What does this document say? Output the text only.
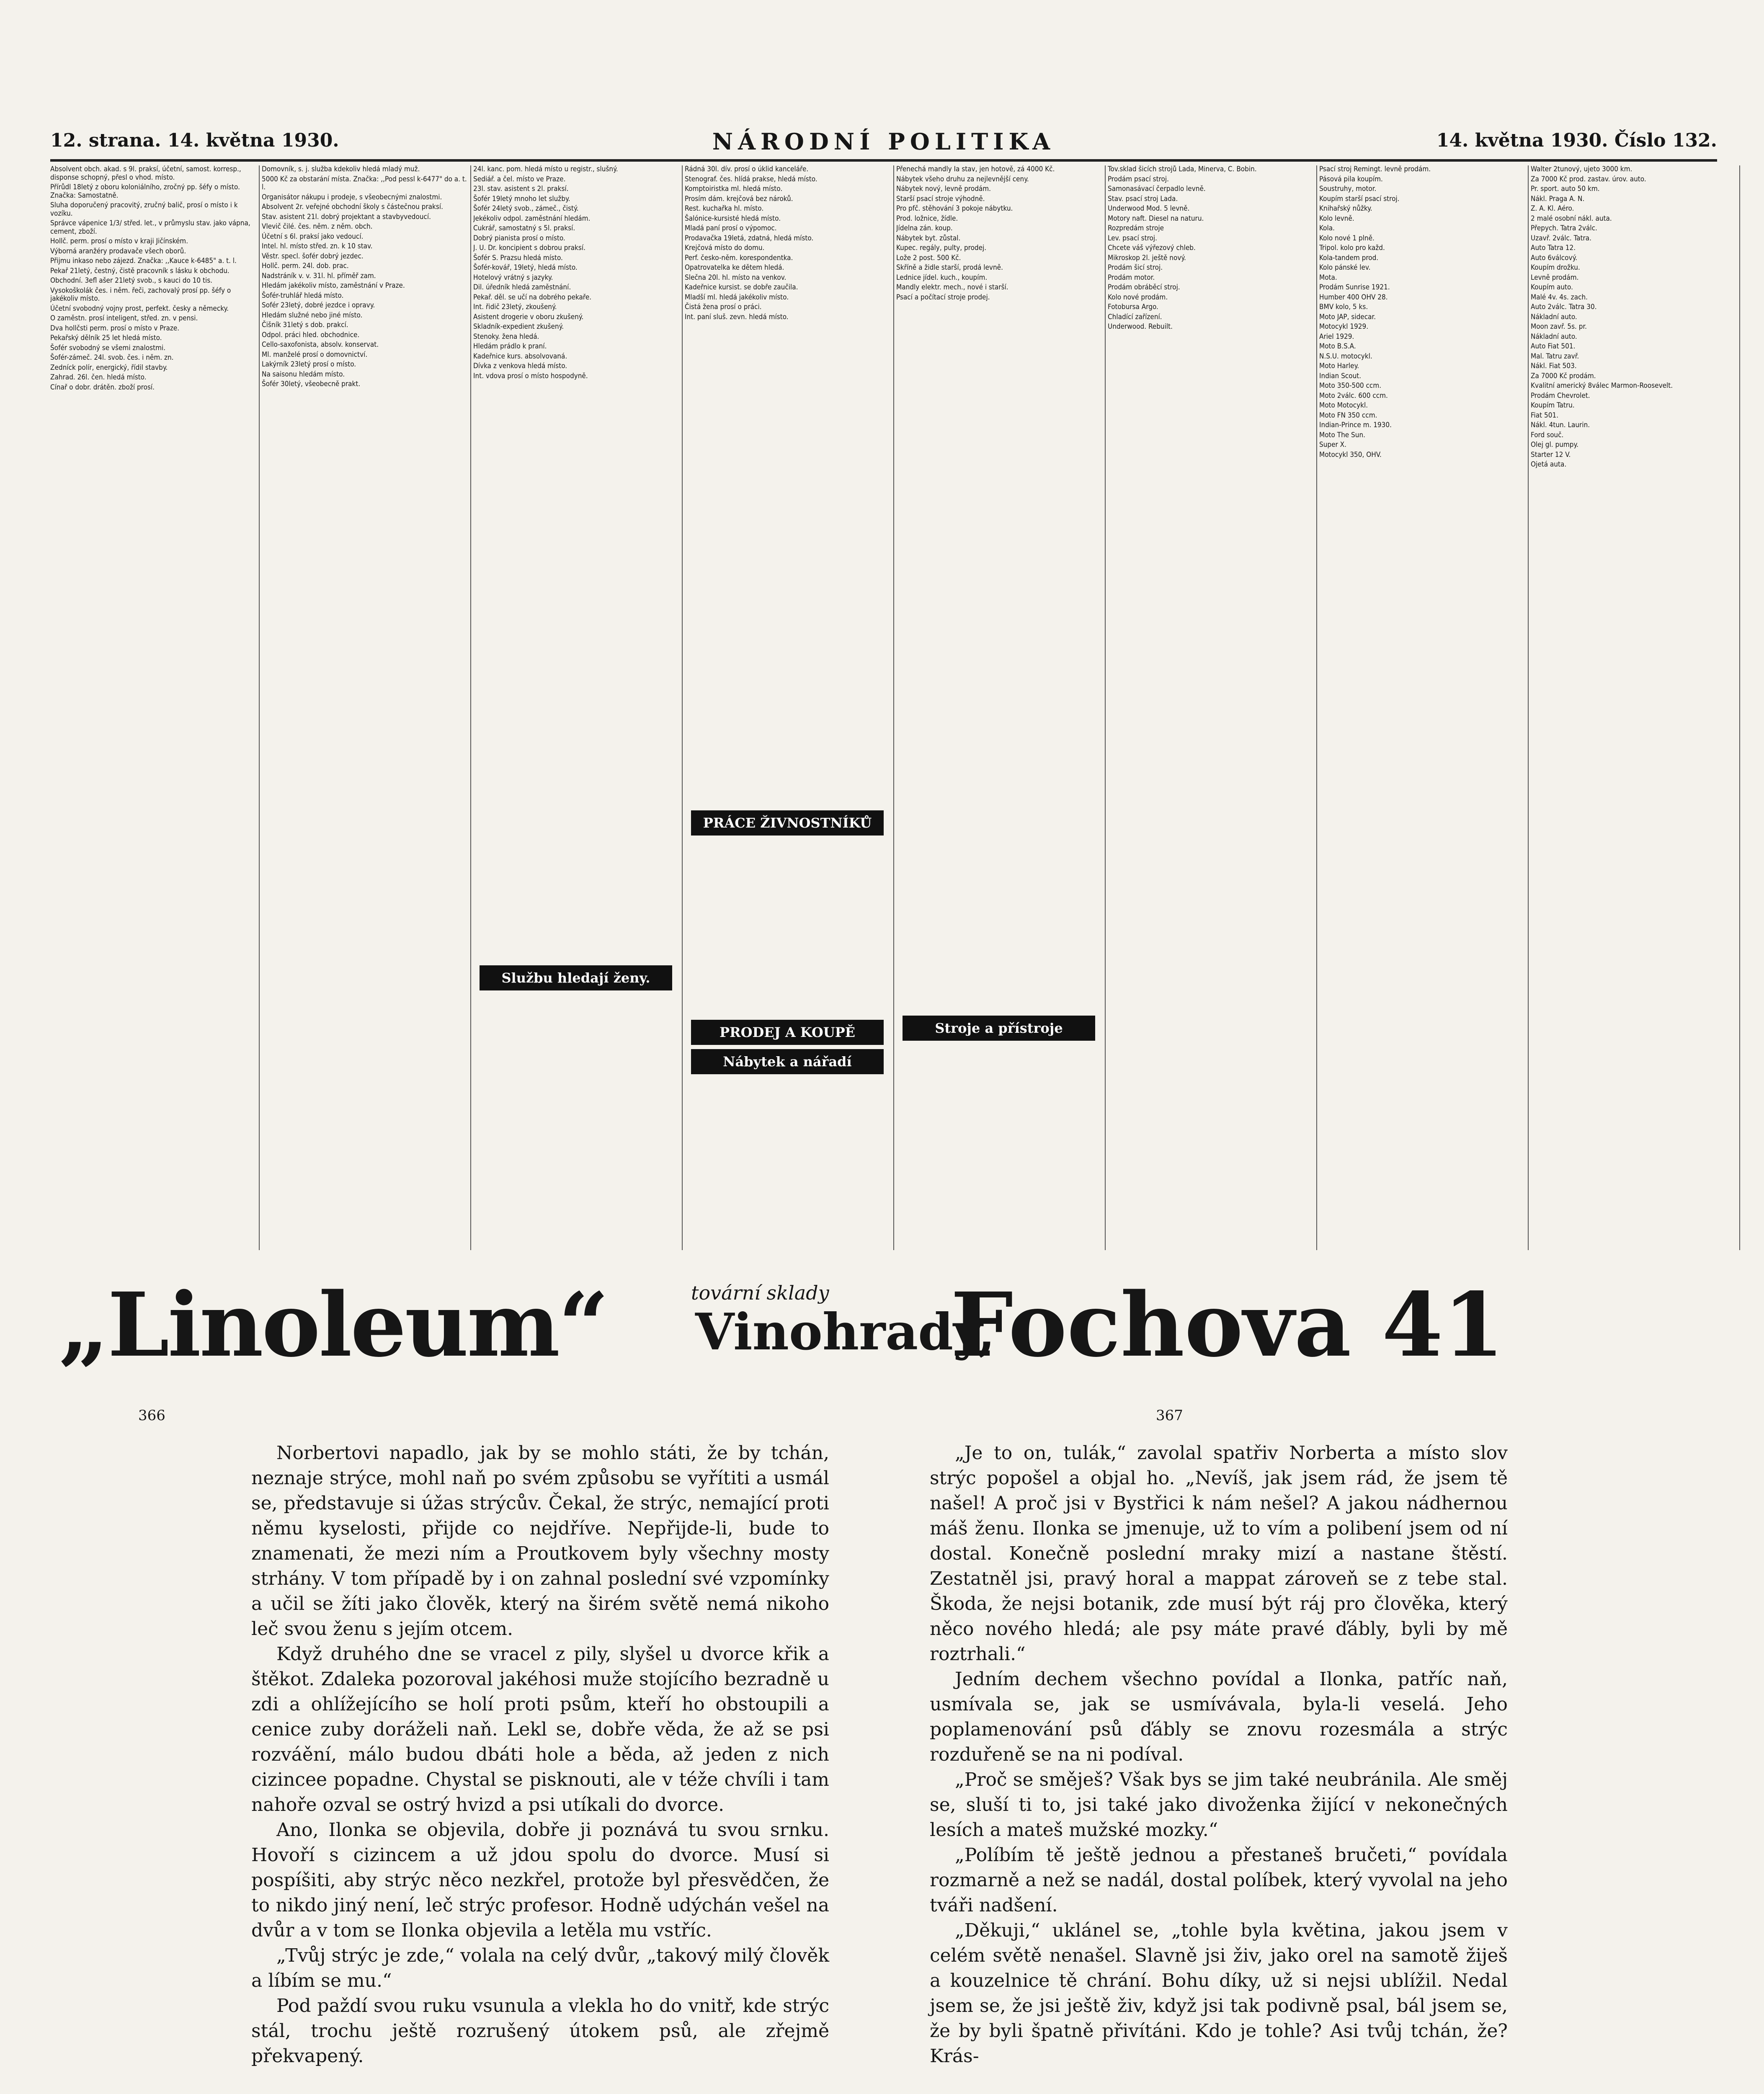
12. strana. 14. května 1930.	NÁRODNÍ POLITIKA	14. května 1930. Číslo 132.
Absolvent obch. akad. s 9l. praksí, účetní, samost. korresp., disponse schopný, přesl o vhod. místo.
Přírůdl 18letý z oboru koloniálního, zročný pp. šéfy o místo. Značka: Samostatně.
Sluha doporučený pracovitý, zručný balič, prosí o místo i k vozíku.
Správce vápenice 1/3/ střed. let., v průmyslu stav. jako vápna, cement, zboží.
Hollč. perm. prosí o místo v kraji Jičínském.
Výborná aranžéry prodavače všech oborů.
Přijmu inkaso nebo zájezd. Značka: ,,Kauce k-6485" a. t. l.
Pekař 21letý, čestný, čistě pracovník s lásku k obchodu.
Obchodní. 3efl ašer 21letý svob., s kauci do 10 tis.
Vysokoškolák čes. i něm. řeči, zachovalý prosí pp. šéfy o jakékoliv místo.
Účetní svobodný vojny prost, perfekt. česky a německy.
O zaměstn. prosí inteligent, střed. zn. v pensi.
Dva hollčsti perm. prosí o místo v Praze.
Pekařský dělník 25 let hledá místo.
Šofér svobodný se všemi znalostmi.
Šofér-zámeč. 24l. svob. čes. i něm. zn.
Zedníck polír, energický, řídil stavby.
Zahrad. 26l. čen. hledá místo.
Cínař o dobr. drátěn. zboží prosí.
Domovník, s. j. služba kdekoliv hledá mladý muž.
5000 Kč za obstarání místa. Značka: ,,Pod pessl k-6477" do a. t. l.
Organisátor nákupu i prodeje, s všeobecnými znalostmi.
Absolvent 2r. veřejné obchodní školy s částečnou praksí.
Stav. asistent 21l. dobrý projektant a stavbyvedoucí.
Vlevič čilé. čes. něm. z něm. obch.
Účetní s 6l. praksí jako vedoucí.
Intel. hl. místo střed. zn. k 10 stav.
Věstr. specl. šofér dobrý jezdec.
Hollč. perm. 24l. dob. prac.
Nadstráník v. v. 31l. hl. příměř zam.
Hledám jakékoliv místo, zaměstnání v Praze.
Šofér-truhlář hledá místo.
Sofér 23letý, dobré jezdce i opravy.
Hledám služné nebo jiné místo.
Čišník 31letý s dob. prakcí.
Odpol. práci hled. obchodnice.
Cello-saxofonista, absolv. konservat.
Ml. manželé prosí o domovnictví.
Lakýrník 23letý prosí o místo.
Na saisonu hledám místo.
Šofér 30letý, všeobecně prakt.
24l. kanc. pom. hledá místo u registr., slušný.
Sediář. a čel. místo ve Praze.
23l. stav. asistent s 2l. praksí.
Šofér 19letý mnoho let služby.
Šofér 24letý svob., zámeč., čistý.
Jekékoliv odpol. zaměstnání hledám.
Cukrář, samostatný s 5l. praksí.
Dobrý pianista prosí o místo.
J. U. Dr. koncipient s dobrou praksí.
Šofér S. Prazsu hledá místo.
Šofér-kovář, 19letý, hledá místo.
Hotelový vrátný s jazyky.
Dil. úředník hledá zaměstnání.
Pekař. děl. se učí na dobrého pekaře.
Int. řidič 23letý, zkoušený.
Asistent drogerie v oboru zkušený.
Skladník-expedient zkušený.
Stenoky. žena hledá.
Hledám prádlo k praní.
Kadeřnice kurs. absolvovaná.
Dívka z venkova hledá místo.
Int. vdova prosí o místo hospodyně.
Řádná 30l. dív. prosí o úklid kanceláře.
Stenograf. čes. hlídá prakse, hledá místo.
Komptoiristka ml. hledá místo.
Prosím dám. krejčová bez nároků.
Rest. kuchařka hl. místo.
Šalónice-kursisté hledá místo.
Mladá paní prosí o výpomoc.
Prodavačka 19letá, zdatná, hledá místo.
Krejčová místo do domu.
Perf. česko-něm. korespondentka.
Opatrovatelka ke dětem hledá.
Slečna 20l. hl. místo na venkov.
Kadeřnice kursist. se dobře zaučila.
Mladší ml. hledá jakékoliv místo.
Čistá žena prosí o práci.
Int. paní sluš. zevn. hledá místo.
Přenechá mandly Ia stav, jen hotově, zá 4000 Kč.
Nábytek všeho druhu za nejlevnější ceny.
Nábytek nový, levně prodám.
Starší psací stroje výhodně.
Pro pfč. stěhování 3 pokoje nábytku.
Prod. ložnice, žídle.
Jídelna zán. koup.
Nábytek byt. zůstal.
Kupec. regály, pulty, prodej.
Lože 2 post. 500 Kč.
Skříně a židle starší, prodá levně.
Lednice jídel. kuch., koupím.
Mandly elektr. mech., nové i starší.
Psací a počítací stroje prodej.
Tov.sklad šicích strojů Lada, Minerva, C. Bobin.
Prodám psací stroj.
Samonasávací čerpadlo levně.
Stav. psací stroj Lada.
Underwood Mod. 5 levně.
Motory naft. Diesel na naturu.
Rozpredám stroje
Lev. psací stroj.
Chcete váš výřezový chleb.
Mikroskop 2l. ještě nový.
Prodám šicí stroj.
Prodám motor.
Prodám obráběcí stroj.
Kolo nové prodám.
Fotobursa Argo.
Chladící zařízení.
Underwood. Rebuilt.
Psací stroj Remingt. levně prodám.
Pásová pila koupím.
Soustruhy, motor.
Koupím starší psací stroj.
Knihařský nůžky.
Kolo levně.
Kola.
Kolo nové 1 plně.
Tripol. kolo pro každ.
Kola-tandem prod.
Kolo pánské lev.
Mota.
Prodám Sunrise 1921.
Humber 400 OHV 28.
BMV kolo, 5 ks.
Moto JAP, sidecar.
Motocykl 1929.
Ariel 1929.
Moto B.S.A.
N.S.U. motocykl.
Moto Harley.
Indian Scout.
Moto 350-500 ccm.
Moto 2válc. 600 ccm.
Moto Motocykl.
Moto FN 350 ccm.
Indian-Prince m. 1930.
Moto The Sun.
Super X.
Motocykl 350, OHV.
Walter 2tunový, ujeto 3000 km.
Za 7000 Kč prod. zastav. úrov. auto.
Pr. sport. auto 50 km.
Nákl. Praga A. N.
Z. A. Kl. Aéro.
2 malé osobní nákl. auta.
Přepych. Tatra 2válc.
Uzavř. 2válc. Tatra.
Auto Tatra 12.
Auto 6válcový.
Koupím drožku.
Levně prodám.
Koupím auto.
Malé 4v. 4s. zach.
Auto 2válc. Tatra 30.
Nákladní auto.
Moon zavř. 5s. pr.
Nákladní auto.
Auto Fiat 501.
Mal. Tatru zavř.
Nákl. Fiat 503.
Za 7000 Kč prodám.
Kvalitní americký 8válec Marmon-Roosevelt.
Prodám Chevrolet.
Koupím Tatru.
Fiat 501.
Nákl. 4tun. Laurin.
Ford souč.
Olej gl. pumpy.
Starter 12 V.
Ojetá auta.
PRÁCE ŽIVNOSTNÍKŮ
PRODEJ A KOUPĚ
Nábytek a nářadí
Službu hledají ženy.
Stroje a přístroje
„Linoleum“	tovární sklady
Vinohrady,
Fochova 41
366	367

Norbertovi napadlo, jak by se mohlo státi, že by tchán, neznaje strýce, mohl naň po svém způsobu se vyřítiti a usmál se, představuje si úžas strýcův. Čekal, že strýc, nemající proti němu kyselosti, přijde co nejdříve. Nepřijde-li, bude to znamenati, že mezi ním a Proutkovem byly všechny mosty strhány. V tom případě by i on zahnal poslední své vzpomínky a učil se žíti jako člověk, který na širém světě nemá nikoho leč svou ženu s jejím otcem.

Když druhého dne se vracel z pily, slyšel u dvorce křik a štěkot. Zdaleka pozoroval jakéhosi muže stojícího bezradně u zdi a ohlížejícího se holí proti psům, kteří ho obstoupili a cenice zuby doráželi naň. Lekl se, dobře věda, že až se psi rozváění, málo budou dbáti hole a běda, až jeden z nich cizincee popadne. Chystal se pisknouti, ale v téže chvíli i tam nahoře ozval se ostrý hvizd a psi utíkali do dvorce.

Ano, Ilonka se objevila, dobře ji poznává tu svou srnku. Hovoří s cizincem a už jdou spolu do dvorce. Musí si pospíšiti, aby strýc něco nezkřel, protože byl přesvědčen, že to nikdo jiný není, leč strýc profesor. Hodně udýchán vešel na dvůr a v tom se Ilonka objevila a letěla mu vstříc.

„Tvůj strýc je zde,“ volala na celý dvůr, „takový milý člověk a líbím se mu.“

Pod paždí svou ruku vsunula a vlekla ho do vnitř, kde strýc stál, trochu ještě rozrušený útokem psů, ale zřejmě překvapený.

„Je to on, tulák,“ zavolal spatřiv Norberta a místo slov strýc popošel a objal ho. „Nevíš, jak jsem rád, že jsem tě našel! A proč jsi v Bystřici k nám nešel? A jakou nádhernou máš ženu. Ilonka se jmenuje, už to vím a polibení jsem od ní dostal. Konečně poslední mraky mizí a nastane štěstí. Zestatněl jsi, pravý horal a mappat zároveň se z tebe stal. Škoda, že nejsi botanik, zde musí být ráj pro člověka, který něco nového hledá; ale psy máte pravé ďábly, byli by mě roztrhali.“

Jedním dechem všechno povídal a Ilonka, patříc naň, usmívala se, jak se usmívávala, byla-li veselá. Jeho poplamenování psů ďábly se znovu rozesmála a strýc rozduřeně se na ni podíval.

„Proč se směješ? Však bys se jim také neubránila. Ale směj se, sluší ti to, jsi také jako divoženka žijící v nekonečných lesích a mateš mužské mozky.“

„Políbím tě ještě jednou a přestaneš bručeti,“ povídala rozmarně a než se nadál, dostal políbek, který vyvolal na jeho tváři nadšení.

„Děkuji,“ uklánel se, „tohle byla květina, jakou jsem v celém světě nenašel. Slavně jsi živ, jako orel na samotě žiješ a kouzelnice tě chrání. Bohu díky, už si nejsi ublížil. Nedal jsem se, že jsi ještě živ, když jsi tak podivně psal, bál jsem se, že by byli špatně přivítáni. Kdo je tohle? Asi tvůj tchán, že? Krás-
